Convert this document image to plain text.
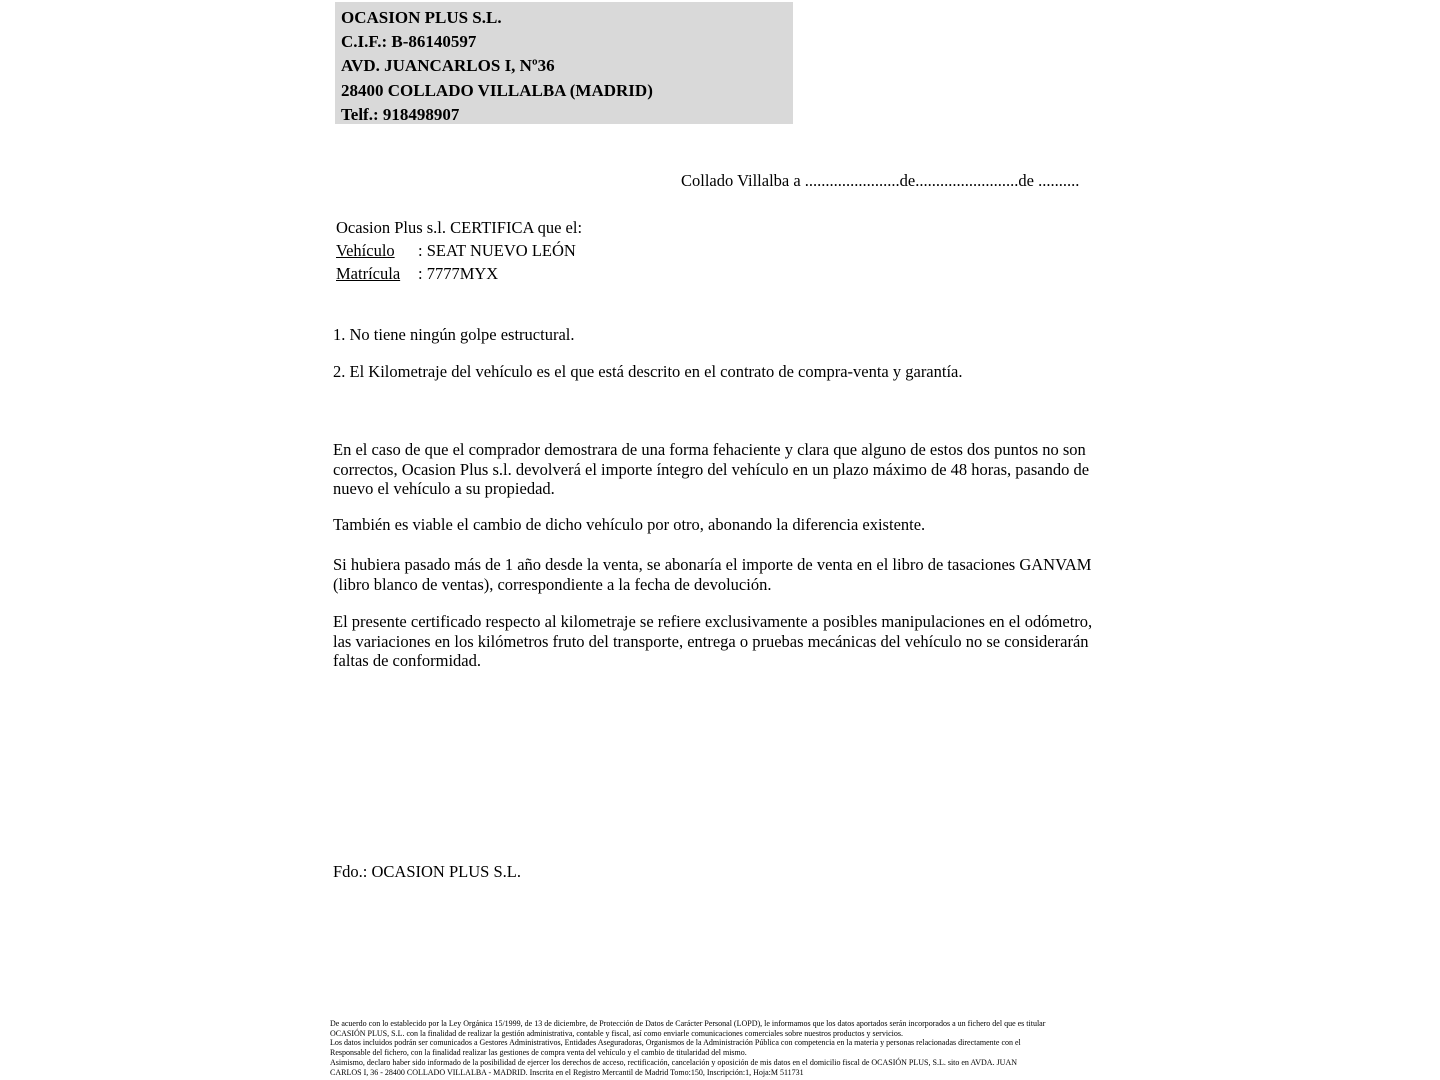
OCASION PLUS S.L.
C.I.F.: B-86140597
AVD. JUANCARLOS I, Nº36
28400 COLLADO VILLALBA (MADRID)
Telf.: 918498907
Collado Villalba a .......................de.........................de ..........
Ocasion Plus s.l. CERTIFICA que el:
Vehículo : SEAT NUEVO LEÓN
Matrícula : 7777MYX
1. No tiene ningún golpe estructural.
2. El Kilometraje del vehículo es el que está descrito en el contrato de compra-venta y garantía.
En el caso de que el comprador demostrara de una forma fehaciente y clara que alguno de estos dos puntos no son correctos, Ocasion Plus s.l. devolverá el importe íntegro del vehículo en un plazo máximo de 48 horas, pasando de nuevo el vehículo a su propiedad.
También es viable el cambio de dicho vehículo por otro, abonando la diferencia existente.
Si hubiera pasado más de 1 año desde la venta, se abonaría el importe de venta en el libro de tasaciones GANVAM (libro blanco de ventas), correspondiente a la fecha de devolución.
El presente certificado respecto al kilometraje se refiere exclusivamente a posibles manipulaciones en el odómetro, las variaciones en los kilómetros fruto del transporte, entrega o pruebas mecánicas del vehículo no se considerarán faltas de conformidad.
Fdo.: OCASION PLUS S.L.
De acuerdo con lo establecido por la Ley Orgánica 15/1999, de 13 de diciembre, de Protección de Datos de Carácter Personal (LOPD), le informamos que los datos aportados serán incorporados a un fichero del que es titular
OCASIÓN PLUS, S.L. con la finalidad de realizar la gestión administrativa, contable y fiscal, así como enviarle comunicaciones comerciales sobre nuestros productos y servicios.
Los datos incluidos podrán ser comunicados a Gestores Administrativos, Entidades Aseguradoras, Organismos de la Administración Pública con competencia en la materia y personas relacionadas directamente con el
Responsable del fichero, con la finalidad realizar las gestiones de compra venta del vehículo y el cambio de titularidad del mismo.
Asimismo, declaro haber sido informado de la posibilidad de ejercer los derechos de acceso, rectificación, cancelación y oposición de mis datos en el domicilio fiscal de OCASIÓN PLUS, S.L. sito en AVDA. JUAN
CARLOS I, 36 - 28400 COLLADO VILLALBA - MADRID. Inscrita en el Registro Mercantil de Madrid Tomo:150, Inscripción:1, Hoja:M 511731
